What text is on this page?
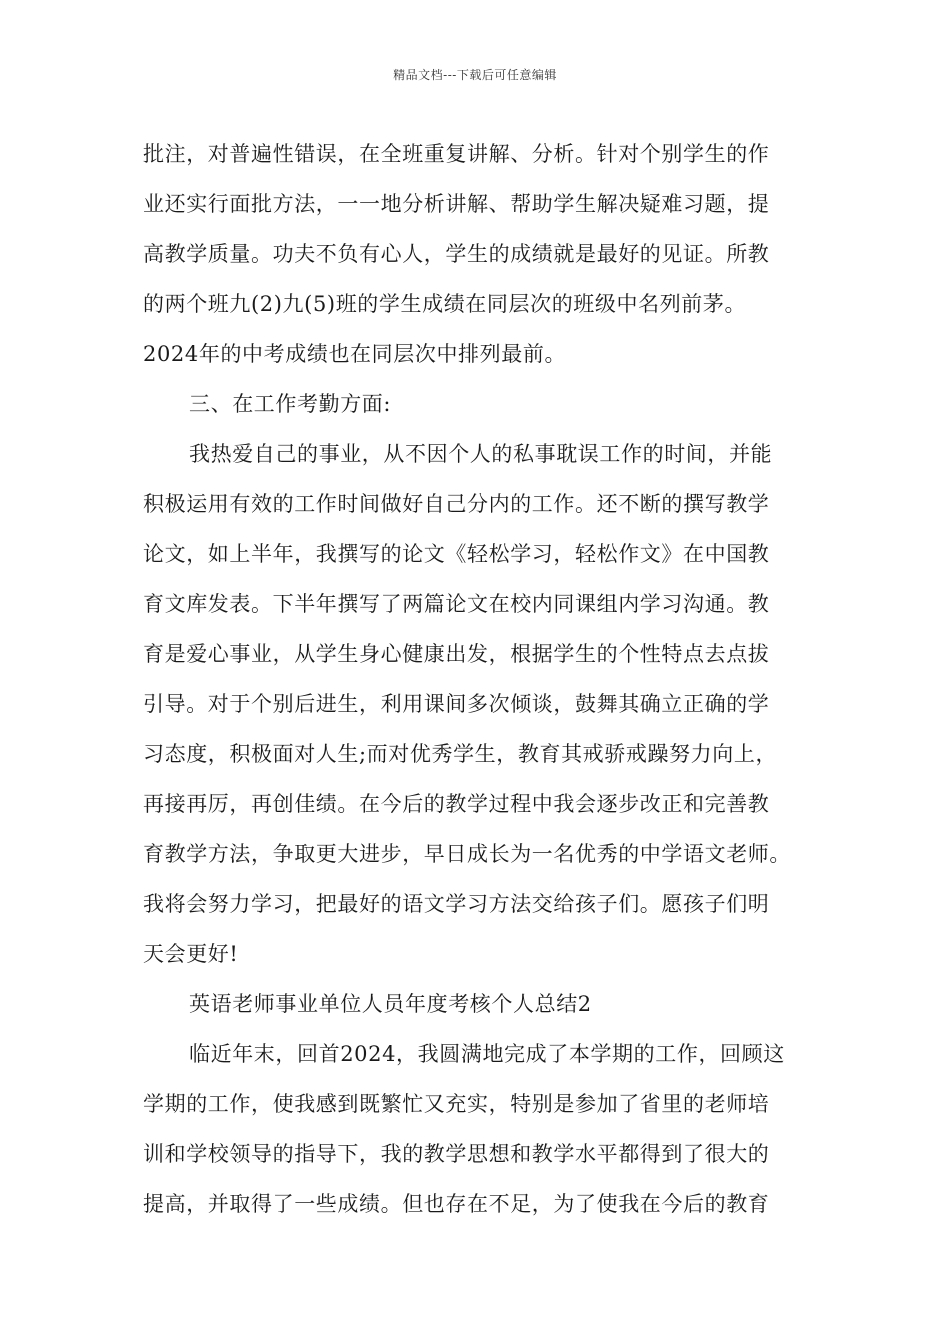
精品文档---下载后可任意编辑
批注，对普遍性错误，在全班重复讲解、分析。针对个别学生的作
业还实行面批方法，一一地分析讲解、帮助学生解决疑难习题，提
高教学质量。功夫不负有心人，学生的成绩就是最好的见证。所教
的两个班九(2)九(5)班的学生成绩在同层次的班级中名列前茅。
2024年的中考成绩也在同层次中排列最前。
三、在工作考勤方面:
我热爱自己的事业，从不因个人的私事耽误工作的时间，并能
积极运用有效的工作时间做好自己分内的工作。还不断的撰写教学
论文，如上半年，我撰写的论文《轻松学习，轻松作文》在中国教
育文库发表。下半年撰写了两篇论文在校内同课组内学习沟通。教
育是爱心事业，从学生身心健康出发，根据学生的个性特点去点拔
引导。对于个别后进生，利用课间多次倾谈，鼓舞其确立正确的学
习态度，积极面对人生;而对优秀学生，教育其戒骄戒躁努力向上，
再接再厉，再创佳绩。在今后的教学过程中我会逐步改正和完善教
育教学方法，争取更大进步，早日成长为一名优秀的中学语文老师。
我将会努力学习，把最好的语文学习方法交给孩子们。愿孩子们明
天会更好!
英语老师事业单位人员年度考核个人总结2
临近年末，回首2024，我圆满地完成了本学期的工作，回顾这
学期的工作，使我感到既繁忙又充实，特别是参加了省里的老师培
训和学校领导的指导下，我的教学思想和教学水平都得到了很大的
提高，并取得了一些成绩。但也存在不足，为了使我在今后的教育
